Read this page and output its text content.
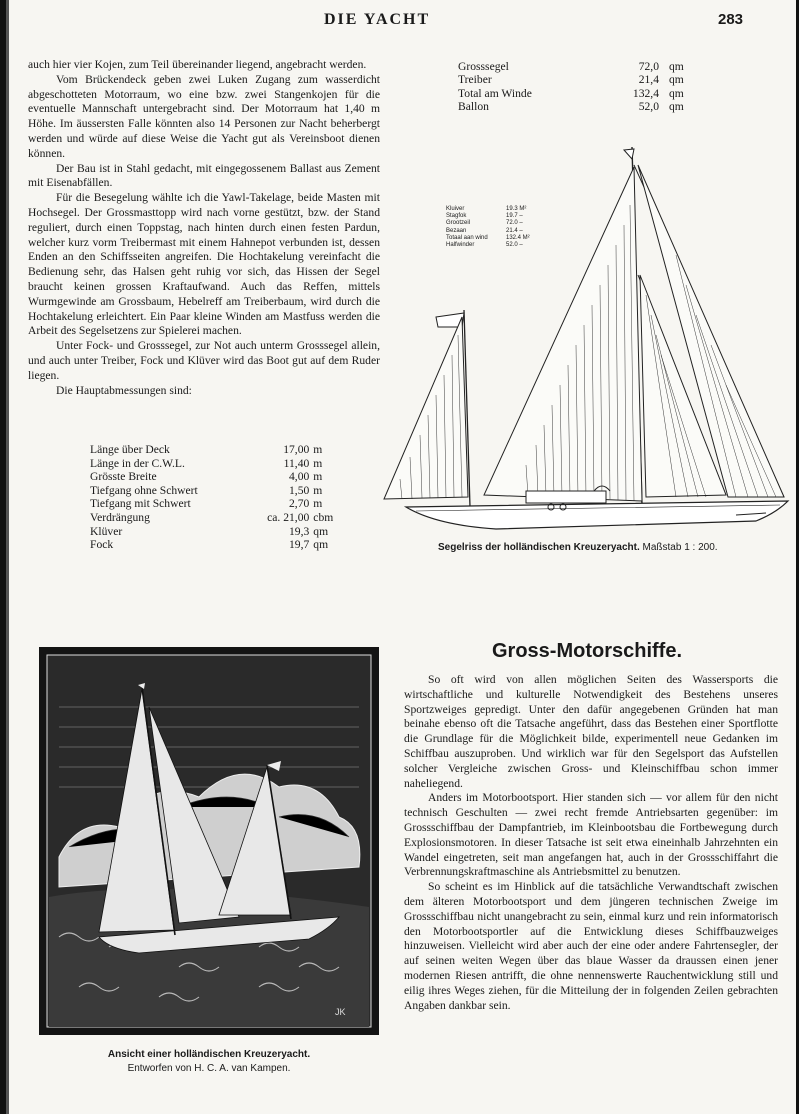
DIE YACHT	283

auch hier vier Kojen, zum Teil übereinander liegend, angebracht werden.

Vom Brückendeck geben zwei Luken Zugang zum wasserdicht abgeschotteten Motorraum, wo eine bzw. zwei Stangenkojen für die eventuelle Mannschaft untergebracht sind. Der Motorraum hat 1,40 m Höhe. Im äussersten Falle könnten also 14 Personen zur Nacht beherbergt werden und würde auf diese Weise die Yacht gut als Vereinsboot dienen können.

Der Bau ist in Stahl gedacht, mit eingegossenem Ballast aus Zement mit Eisenabfällen.

Für die Besegelung wählte ich die Yawl-Takelage, beide Masten mit Hochsegel. Der Grossmasttopp wird nach vorne gestützt, bzw. der Stand reguliert, durch einen Toppstag, nach hinten durch einen festen Pardun, welcher kurz vorm Treibermast mit einem Hahnepot verbunden ist, dessen Enden an den Schiffsseiten angreifen. Die Hochtakelung vereinfacht die Bedienung sehr, das Halsen geht ruhig vor sich, das Hissen der Segel braucht keinen grossen Kraftaufwand. Auch das Reffen, mittels Wurmgewinde am Grossbaum, Hebelreff am Treiberbaum, wird durch die Hochtakelung erleichtert. Ein Paar kleine Winden am Mastfuss werden die Arbeit des Segelsetzens zur Spielerei machen.

Unter Fock- und Grosssegel, zur Not auch unterm Grosssegel allein, und auch unter Treiber, Fock und Klüver wird das Boot gut auf dem Ruder liegen.

Die Hauptabmessungen sind:

Länge über Deck	17,00 m
Länge in der C.W.L.	11,40 m
Grösste Breite	4,00 m
Tiefgang ohne Schwert	1,50 m
Tiefgang mit Schwert	2,70 m
Verdrängung	ca. 21,00 cbm
Klüver	19,3 qm
Fock	19,7 qm
Grosssegel	72,0 qm
Treiber	21,4 qm
Total am Winde	132,4 qm
Ballon	52,0 qm
Kluiver	19.3 M²
Stagfok	19.7 –
Grootzeil	72.0 –
Bezaan	21.4 –
Totaal aan wind	132.4 M²
Halfwinder	52.0 –
Segelriss der holländischen Kreuzeryacht. Maßstab 1 : 200.
JK
Ansicht einer holländischen Kreuzeryacht.
Entworfen von H. C. A. van Kampen.
Gross-Motorschiffe.

So oft wird von allen möglichen Seiten des Wassersports die wirtschaftliche und kulturelle Notwendigkeit des Bestehens unseres Sportzweiges gepredigt. Unter den dafür angegebenen Gründen hat man beinahe ebenso oft die Tatsache angeführt, dass das Bestehen einer Sportflotte die Grundlage für die Möglichkeit bilde, experimentell neue Gedanken im Schiffbau auszuproben. Und wirklich war für den Segelsport das Aufstellen solcher Vergleiche zwischen Gross- und Kleinschiffbau schon immer naheliegend.

Anders im Motorbootsport. Hier standen sich — vor allem für den nicht technisch Geschulten — zwei recht fremde Antriebsarten gegenüber: im Grossschiffbau der Dampfantrieb, im Kleinbootsbau die Fortbewegung durch Explosionsmotoren. In dieser Tatsache ist seit etwa eineinhalb Jahrzehnten ein Wandel eingetreten, seit man angefangen hat, auch in der Grossschiffahrt die Verbrennungskraftmaschine als Antriebsmittel zu benutzen.

So scheint es im Hinblick auf die tatsächliche Verwandtschaft zwischen dem älteren Motorbootsport und dem jüngeren technischen Zweige im Grossschiffbau nicht unangebracht zu sein, einmal kurz und rein informatorisch den Motorbootsportler auf die Entwicklung dieses Schiffbauzweiges hinzuweisen. Vielleicht wird aber auch der eine oder andere Fahrtensegler, der auf seinen weiten Wegen über das blaue Wasser da draussen einen jener modernen Riesen antrifft, die ohne nennenswerte Rauchentwicklung still und eilig ihres Weges ziehen, für die Mitteilung der in folgenden Zeilen gebrachten Angaben dankbar sein.
